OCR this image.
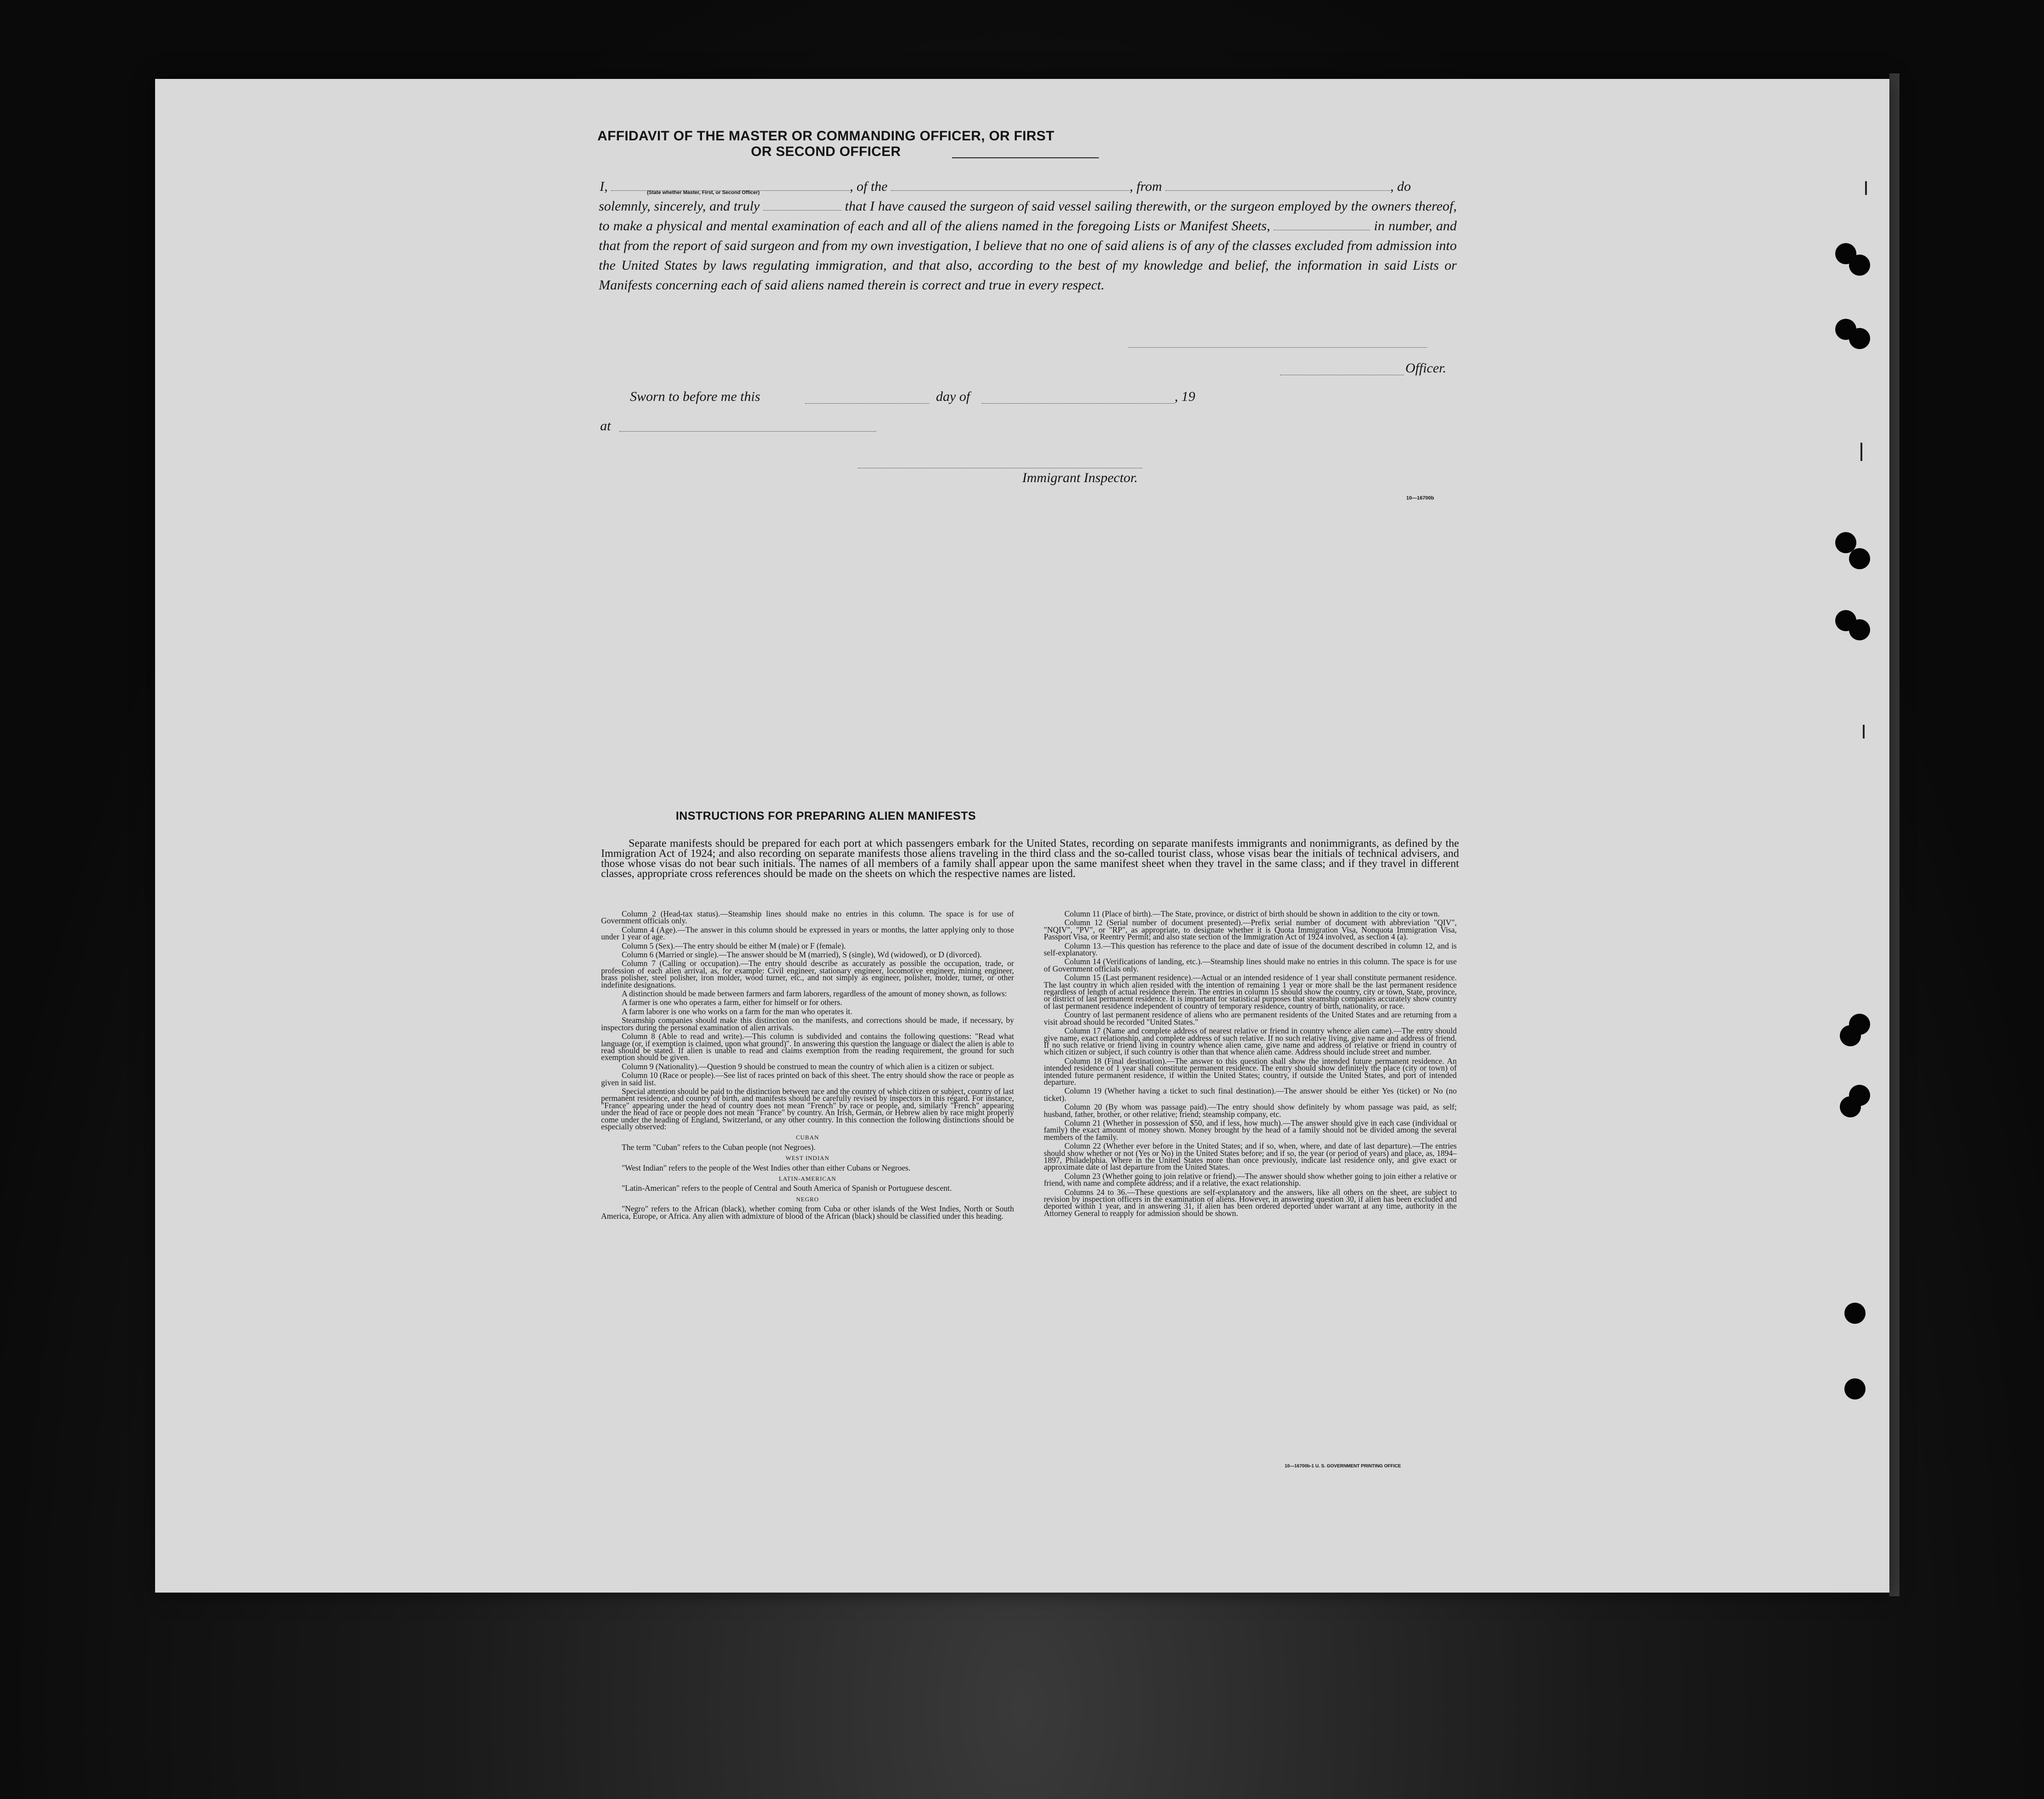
AFFIDAVIT OF THE MASTER OR COMMANDING OFFICER, OR FIRST OR SECOND OFFICER
I,	, of the	, from	, do
solemnly, sincerely, and truly	that I have caused the surgeon of said vessel sailing therewith, or the surgeon employed by the owners thereof, to make a physical and mental examination of each and all of the aliens named in the foregoing Lists or Manifest Sheets,	in number, and that from the report of said surgeon and from my own investigation, I believe that no one of said aliens is of any of the classes excluded from admission into the United States by laws regulating immigration, and that also, according to the best of my knowledge and belief, the information in said Lists or Manifests concerning each of said aliens named therein is correct and true in every respect.
(State whether Master, First, or Second Officer)
Officer.
Sworn to before me this	day of	, 19
at
Immigrant Inspector.
10—16700b
INSTRUCTIONS FOR PREPARING ALIEN MANIFESTS
Separate manifests should be prepared for each port at which passengers embark for the United States, recording on separate manifests immigrants and nonimmigrants, as defined by the Immigration Act of 1924; and also recording on separate manifests those aliens traveling in the third class and the so-called tourist class, whose visas bear the initials of technical advisers, and those whose visas do not bear such initials. The names of all members of a family shall appear upon the same manifest sheet when they travel in the same class; and if they travel in different classes, appropriate cross references should be made on the sheets on which the respective names are listed.

Column 2 (Head-tax status).—Steamship lines should make no entries in this column. The space is for use of Government officials only.

Column 4 (Age).—The answer in this column should be expressed in years or months, the latter applying only to those under 1 year of age.

Column 5 (Sex).—The entry should be either M (male) or F (female).

Column 6 (Married or single).—The answer should be M (married), S (single), Wd (widowed), or D (divorced).

Column 7 (Calling or occupation).—The entry should describe as accurately as possible the occupation, trade, or profession of each alien arrival, as, for example: Civil engineer, stationary engineer, locomotive engineer, mining engineer, brass polisher, steel polisher, iron molder, wood turner, etc., and not simply as engineer, polisher, molder, turner, or other indefinite designations.

A distinction should be made between farmers and farm laborers, regardless of the amount of money shown, as follows:

A farmer is one who operates a farm, either for himself or for others.

A farm laborer is one who works on a farm for the man who operates it.

Steamship companies should make this distinction on the manifests, and corrections should be made, if necessary, by inspectors during the personal examination of alien arrivals.

Column 8 (Able to read and write).—This column is subdivided and contains the following questions: "Read what language (or, if exemption is claimed, upon what ground)". In answering this question the language or dialect the alien is able to read should be stated. If alien is unable to read and claims exemption from the reading requirement, the ground for such exemption should be given.

Column 9 (Nationality).—Question 9 should be construed to mean the country of which alien is a citizen or subject.

Column 10 (Race or people).—See list of races printed on back of this sheet. The entry should show the race or people as given in said list.

Special attention should be paid to the distinction between race and the country of which citizen or subject, country of last permanent residence, and country of birth, and manifests should be carefully revised by inspectors in this regard. For instance, "France" appearing under the head of country does not mean "French" by race or people, and, similarly "French" appearing under the head of race or people does not mean "France" by country. An Irish, German, or Hebrew alien by race might properly come under the heading of England, Switzerland, or any other country. In this connection the following distinctions should be especially observed:

CUBAN

The term "Cuban" refers to the Cuban people (not Negroes).

WEST INDIAN

"West Indian" refers to the people of the West Indies other than either Cubans or Negroes.

LATIN-AMERICAN

"Latin-American" refers to the people of Central and South America of Spanish or Portuguese descent.

NEGRO

"Negro" refers to the African (black), whether coming from Cuba or other islands of the West Indies, North or South America, Europe, or Africa. Any alien with admixture of blood of the African (black) should be classified under this heading.

Column 11 (Place of birth).—The State, province, or district of birth should be shown in addition to the city or town.

Column 12 (Serial number of document presented).—Prefix serial number of document with abbreviation "QIV", "NQIV", "PV", or "RP", as appropriate, to designate whether it is Quota Immigration Visa, Nonquota Immigration Visa, Passport Visa, or Reentry Permit; and also state section of the Immigration Act of 1924 involved, as section 4 (a).

Column 13.—This question has reference to the place and date of issue of the document described in column 12, and is self-explanatory.

Column 14 (Verifications of landing, etc.).—Steamship lines should make no entries in this column. The space is for use of Government officials only.

Column 15 (Last permanent residence).—Actual or an intended residence of 1 year shall constitute permanent residence. The last country in which alien resided with the intention of remaining 1 year or more shall be the last permanent residence regardless of length of actual residence therein. The entries in column 15 should show the country, city or town, State, province, or district of last permanent residence. It is important for statistical purposes that steamship companies accurately show country of last permanent residence independent of country of temporary residence, country of birth, nationality, or race.

Country of last permanent residence of aliens who are permanent residents of the United States and are returning from a visit abroad should be recorded "United States."

Column 17 (Name and complete address of nearest relative or friend in country whence alien came).—The entry should give name, exact relationship, and complete address of such relative. If no such relative living, give name and address of friend. If no such relative or friend living in country whence alien came, give name and address of relative or friend in country of which citizen or subject, if such country is other than that whence alien came. Address should include street and number.

Column 18 (Final destination).—The answer to this question shall show the intended future permanent residence. An intended residence of 1 year shall constitute permanent residence. The entry should show definitely the place (city or town) of intended future permanent residence, if within the United States; country, if outside the United States, and port of intended departure.

Column 19 (Whether having a ticket to such final destination).—The answer should be either Yes (ticket) or No (no ticket).

Column 20 (By whom was passage paid).—The entry should show definitely by whom passage was paid, as self; husband, father, brother, or other relative; friend; steamship company, etc.

Column 21 (Whether in possession of $50, and if less, how much).—The answer should give in each case (individual or family) the exact amount of money shown. Money brought by the head of a family should not be divided among the several members of the family.

Column 22 (Whether ever before in the United States; and if so, when, where, and date of last departure).—The entries should show whether or not (Yes or No) in the United States before; and if so, the year (or period of years) and place, as, 1894–1897, Philadelphia. Where in the United States more than once previously, indicate last residence only, and give exact or approximate date of last departure from the United States.

Column 23 (Whether going to join relative or friend).—The answer should show whether going to join either a relative or friend, with name and complete address; and if a relative, the exact relationship.

Columns 24 to 36.—These questions are self-explanatory and the answers, like all others on the sheet, are subject to revision by inspection officers in the examination of aliens. However, in answering question 30, if alien has been excluded and deported within 1 year, and in answering 31, if alien has been ordered deported under warrant at any time, authority in the Attorney General to reapply for admission should be shown.

10—16700b-1 U. S. GOVERNMENT PRINTING OFFICE
